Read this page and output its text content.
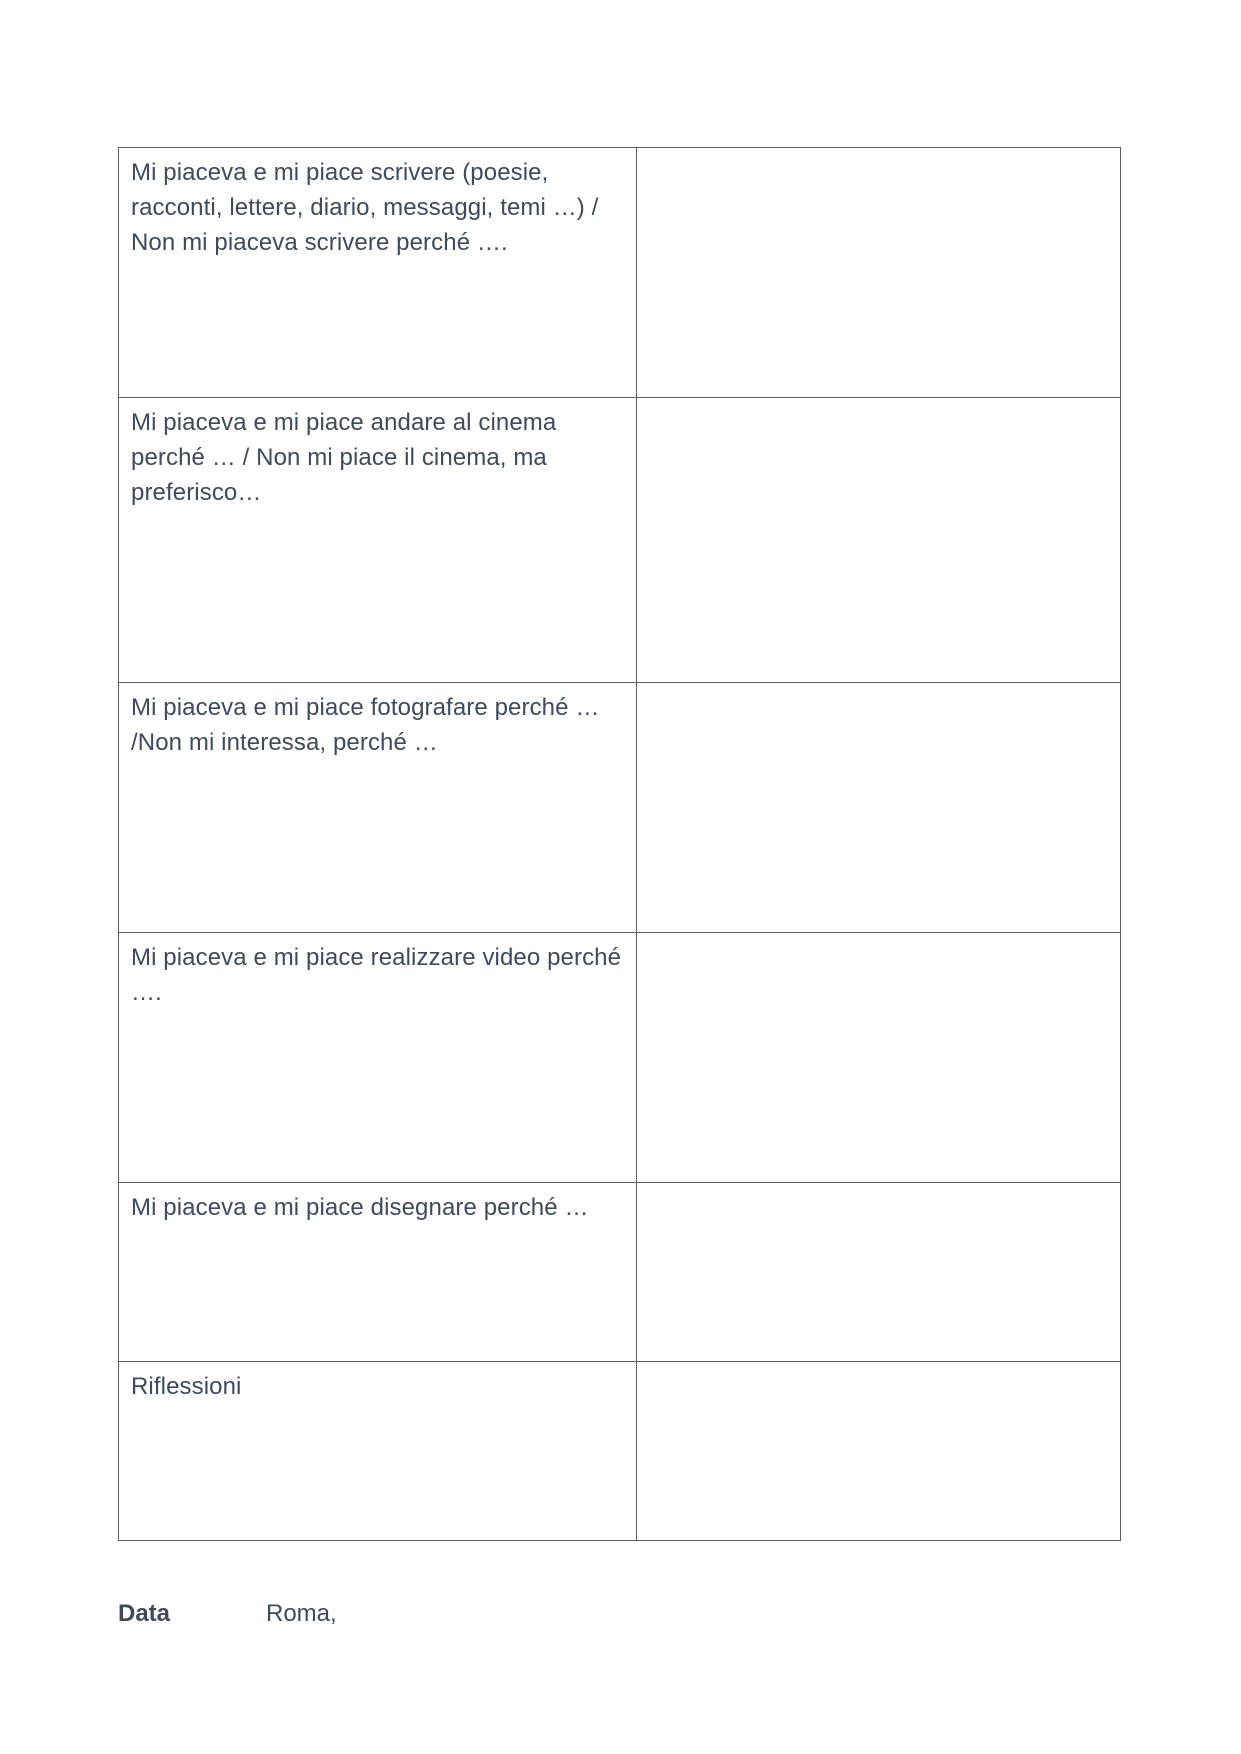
Mi piaceva e mi piace scrivere (poesie, racconti, lettere, diario, messaggi, temi …) / Non mi piaceva scrivere perché ….	

Mi piaceva e mi piace andare al cinema perché … / Non mi piace il cinema, ma preferisco…	

Mi piaceva e mi piace fotografare perché … /Non mi interessa, perché …	

Mi piaceva e mi piace realizzare video perché ….	

Mi piaceva e mi piace disegnare perché …	

Riflessioni	

Data	Roma,
